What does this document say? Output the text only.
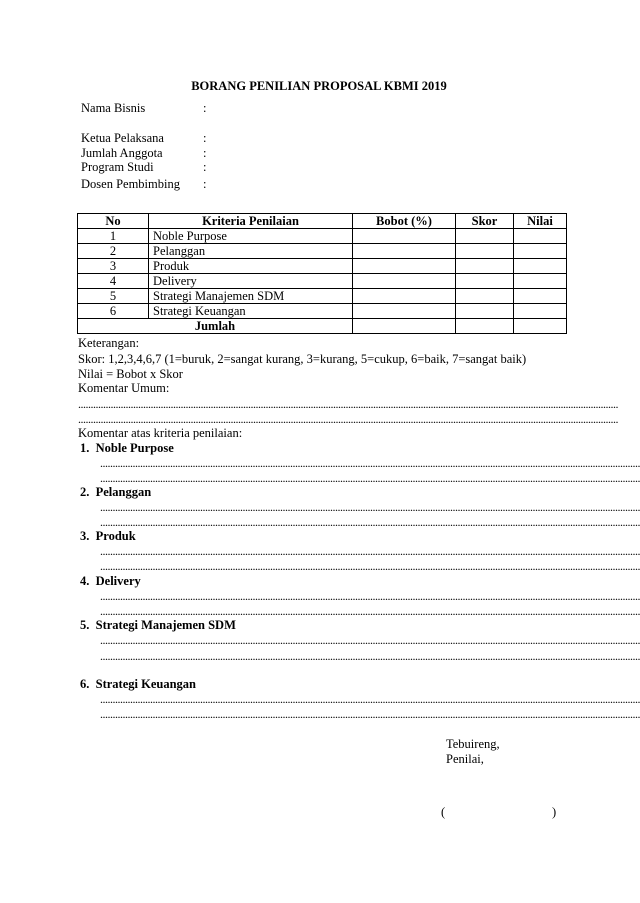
BORANG PENILIAN PROPOSAL KBMI 2019
Nama Bisnis	:
Ketua Pelaksana	:
Jumlah Anggota	:
Program Studi	:
Dosen Pembimbing :
No	Kriteria Penilaian	Bobot (%)	Skor	Nilai
1	Noble Purpose			
2	Pelanggan			
3	Produk			
4	Delivery			
5	Strategi Manajemen SDM			
6	Strategi Keuangan			
Jumlah				
Keterangan:
Skor: 1,2,3,4,6,7 (1=buruk, 2=sangat kurang, 3=kurang, 5=cukup, 6=baik, 7=sangat baik)
Nilai = Bobot x Skor
Komentar Umum:
........................................................................................................................................................................................................................
........................................................................................................................................................................................................................
Komentar atas kriteria penilaian:
1. Noble Purpose
........................................................................................................................................................................................................................
........................................................................................................................................................................................................................
2. Pelanggan
........................................................................................................................................................................................................................
........................................................................................................................................................................................................................
3. Produk
........................................................................................................................................................................................................................
........................................................................................................................................................................................................................
4. Delivery
........................................................................................................................................................................................................................
........................................................................................................................................................................................................................
5. Strategi Manajemen SDM
........................................................................................................................................................................................................................
........................................................................................................................................................................................................................
6. Strategi Keuangan
........................................................................................................................................................................................................................
........................................................................................................................................................................................................................
Tebuireng,
Penilai,
(	)
